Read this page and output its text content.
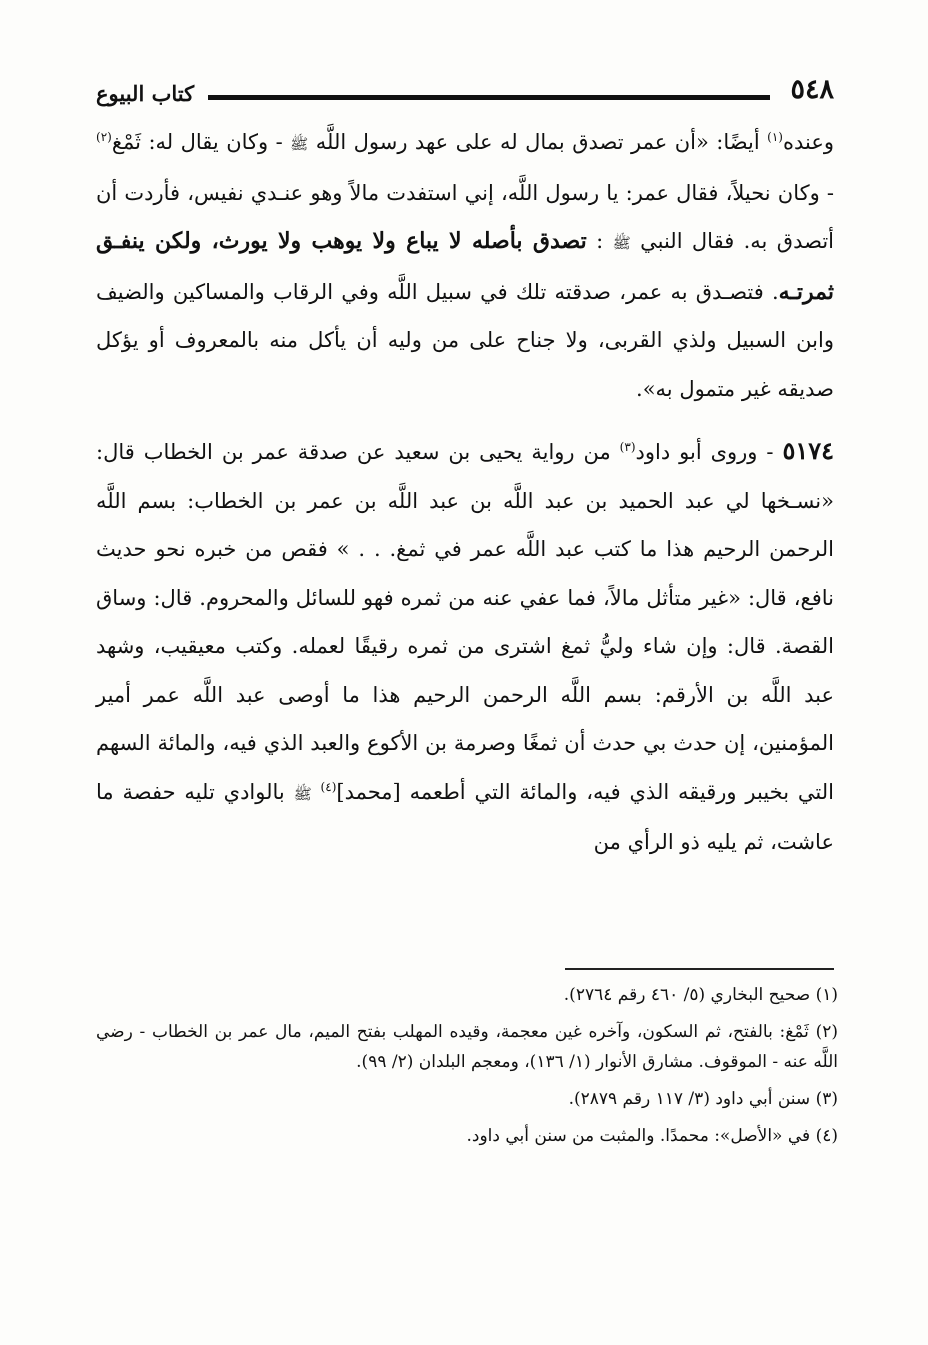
٥٤٨
كتاب البيوع

وعنده$^{(١)}$ أيضًا: «أن عمر تصدق بمال له على عهد رسول اللَّه ﷺ - وكان يقال له: ثَمْغ$^{(٢)}$ - وكان نحيلاً، فقال عمر: يا رسول اللَّه، إني استفدت مالاً وهو عنـدي نفيس، فأردت أن أتصدق به. فقال النبي ﷺ : تصدق بأصله لا يباع ولا يوهب ولا يورث، ولكن ينفـق ثمرتـه. فتصـدق به عمر، صدقته تلك في سبيل اللَّه وفي الرقاب والمساكين والضيف وابن السبيل ولذي القربى، ولا جناح على من وليه أن يأكل منه بالمعروف أو يؤكل صديقه غير متمول به».

٥١٧٤ - وروى أبو داود$^{(٣)}$ من رواية يحيى بن سعيد عن صدقة عمر بن الخطاب قال: «نسـخها لي عبد الحميد بن عبد اللَّه بن عبد اللَّه بن عمر بن الخطاب: بسم اللَّه الرحمن الرحيم هذا ما كتب عبد اللَّه عمر في ثمغ. . . » فقص من خبره نحو حديث نافع، قال: «غير متأثل مالاً، فما عفي عنه من ثمره فهو للسائل والمحروم. قال: وساق القصة. قال: وإن شاء وليُّ ثمغ اشترى من ثمره رقيقًا لعمله. وكتب معيقيب، وشهد عبد اللَّه بن الأرقم: بسم اللَّه الرحمن الرحيم هذا ما أوصى عبد اللَّه عمر أمير المؤمنين، إن حدث بي حدث أن ثمغًا وصرمة بن الأكوع والعبد الذي فيه، والمائة السهم التي بخيبر ورقيقه الذي فيه، والمائة التي أطعمه [محمد]$^{(٤)}$ ﷺ بالوادي تليه حفصة ما عاشت، ثم يليه ذو الرأي من

(١) صحيح البخاري (٥/ ٤٦٠ رقم ٢٧٦٤).

(٢) ثَمْغ: بالفتح، ثم السكون، وآخره غين معجمة، وقيده المهلب بفتح الميم، مال عمر بن الخطاب - رضي اللَّه عنه - الموقوف. مشارق الأنوار (١/ ١٣٦)، ومعجم البلدان (٢/ ٩٩).

(٣) سنن أبي داود (٣/ ١١٧ رقم ٢٨٧٩).

(٤) في «الأصل»: محمدًا. والمثبت من سنن أبي داود.
